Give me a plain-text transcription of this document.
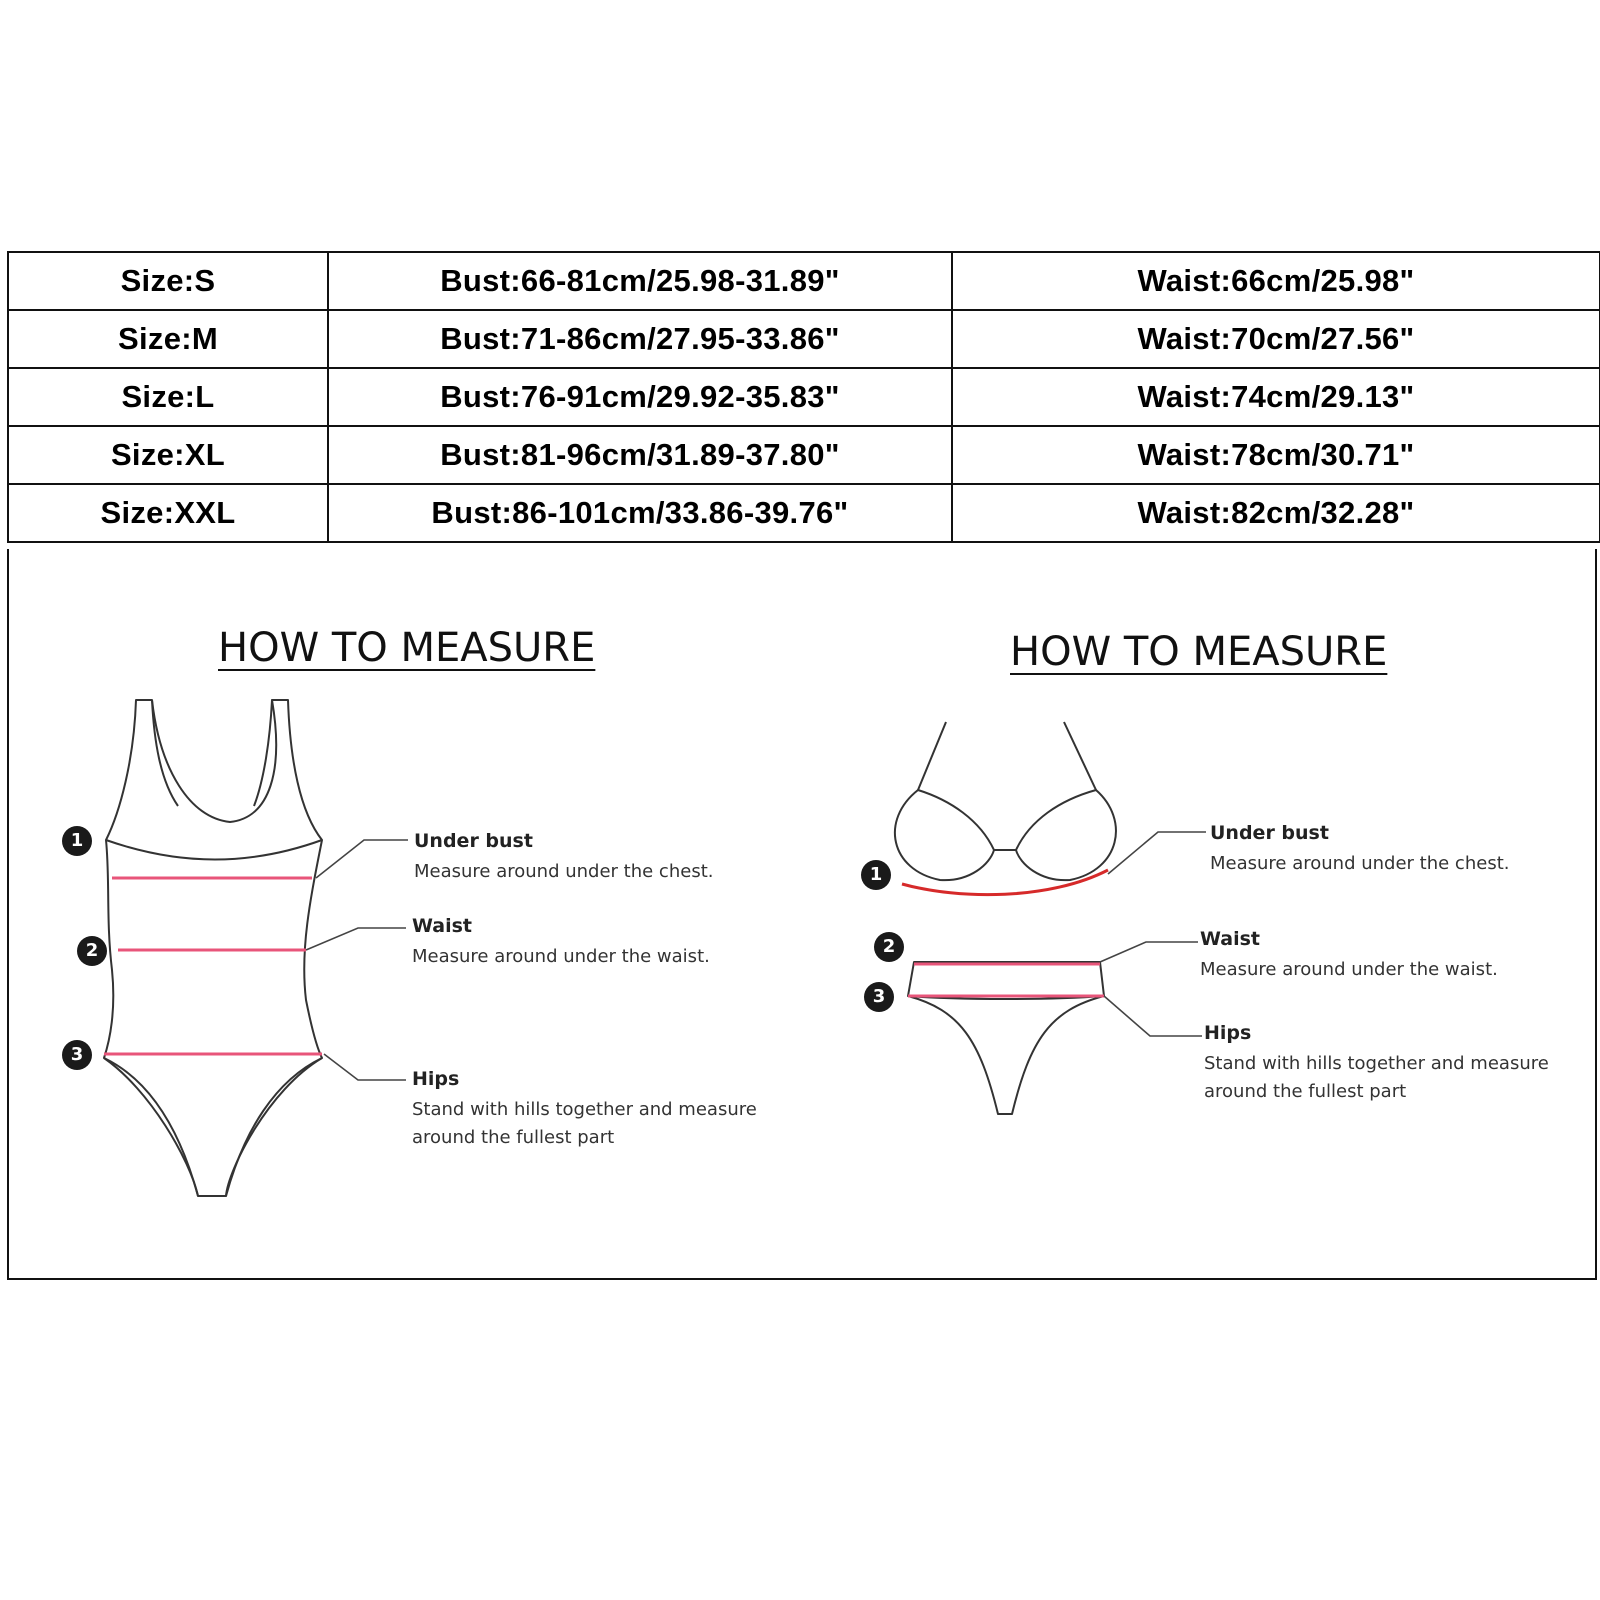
Size:S	Bust:66-81cm/25.98-31.89"	Waist:66cm/25.98"
Size:M	Bust:71-86cm/27.95-33.86"	Waist:70cm/27.56"
Size:L	Bust:76-91cm/29.92-35.83"	Waist:74cm/29.13"
Size:XL	Bust:81-96cm/31.89-37.80"	Waist:78cm/30.71"
Size:XXL	Bust:86-101cm/33.86-39.76"	Waist:82cm/32.28"
HOW TO MEASURE	HOW TO MEASURE
1
2
3
1
2
3
Under bust
Measure around under the chest.
Waist
Measure around under the waist.
Hips
Stand with hills together and measure
around the fullest part
Under bust
Measure around under the chest.
Waist
Measure around under the waist.
Hips
Stand with hills together and measure
around the fullest part
